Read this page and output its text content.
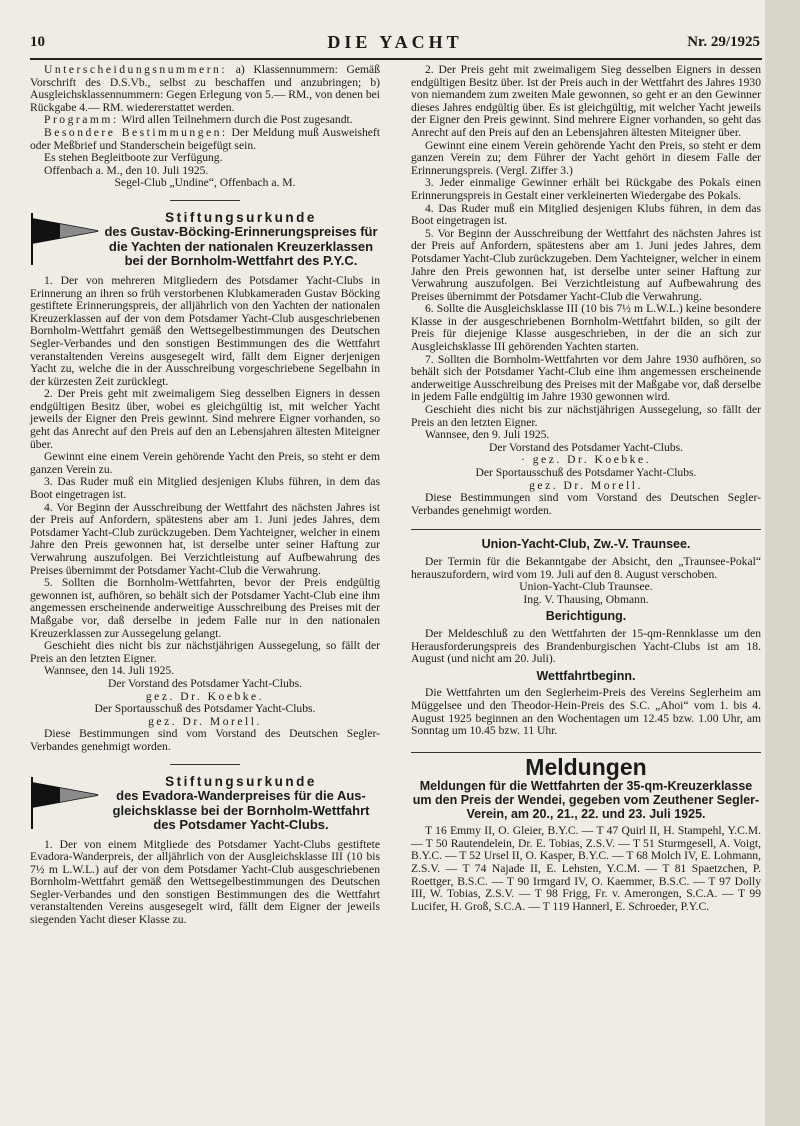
10	DIE YACHT	Nr. 29/1925

Unterscheidungsnummern: a) Klassennummern: Gemäß Vorschrift des D.S.Vb., selbst zu beschaffen und anzubringen; b) Ausgleichsklassennummern: Gegen Erlegung von 5.— RM., von denen bei Rückgabe 4.— RM. wiedererstattet werden.

Programm: Wird allen Teilnehmern durch die Post zugesandt.

Besondere Bestimmungen: Der Meldung muß Ausweisheft oder Meßbrief und Standerschein beigefügt sein.

Es stehen Begleitboote zur Verfügung.

Offenbach a. M., den 10. Juli 1925.

Segel-Club „Undine“, Offenbach a. M.

Stiftungsurkunde
des Gustav-Böcking-Erinnerungspreises für
die Yachten der nationalen Kreuzerklassen
bei der Bornholm-Wettfahrt des P.Y.C.

1. Der von mehreren Mitgliedern des Potsdamer Yacht-Clubs in Erinnerung an ihren so früh verstorbenen Klubkameraden Gustav Böcking gestiftete Erinnerungspreis, der alljährlich von den Yachten der nationalen Kreuzerklassen auf der von dem Potsdamer Yacht-Club ausgeschriebenen Bornholm-Wettfahrt gemäß den Wettsegelbestimmungen des Deutschen Segler-Verbandes und den sonstigen Bestimmungen des die Wettfahrt veranstaltenden Vereins ausgesegelt wird, fällt dem Eigner derjenigen Yacht zu, welche die in der Ausschreibung vorgeschriebene Segelbahn in der kürzesten Zeit zurücklegt.

2. Der Preis geht mit zweimaligem Sieg desselben Eigners in dessen endgültigen Besitz über, wobei es gleichgültig ist, mit welcher Yacht jeweils der Eigner den Preis gewinnt. Sind mehrere Eigner vorhanden, so geht das Anrecht auf den Preis auf den an Lebensjahren ältesten Miteigner über.

Gewinnt eine einem Verein gehörende Yacht den Preis, so steht er dem ganzen Verein zu.

3. Das Ruder muß ein Mitglied desjenigen Klubs führen, in dem das Boot eingetragen ist.

4. Vor Beginn der Ausschreibung der Wettfahrt des nächsten Jahres ist der Preis auf Anfordern, spätestens aber am 1. Juni jedes Jahres, dem Potsdamer Yacht-Club zurückzugeben. Dem Yachteigner, welcher in einem Jahre den Preis gewonnen hat, ist derselbe unter seiner Haftung zur Verwahrung auszufolgen. Bei Verzichtleistung auf Aufbewahrung des Preises übernimmt der Potsdamer Yacht-Club die Verwahrung.

5. Sollten die Bornholm-Wettfahrten, bevor der Preis endgültig gewonnen ist, aufhören, so behält sich der Potsdamer Yacht-Club eine ihm angemessen erscheinende anderweitige Ausschreibung des Preises mit der Maßgabe vor, daß derselbe in jedem Falle nur in den nationalen Kreuzerklassen zur Aussegelung gelangt.

Geschieht dies nicht bis zur nächstjährigen Aussegelung, so fällt der Preis an den letzten Eigner.

Wannsee, den 14. Juli 1925.

Der Vorstand des Potsdamer Yacht-Clubs.

gez. Dr. Koebke.

Der Sportausschuß des Potsdamer Yacht-Clubs.

gez. Dr. Morell.

Diese Bestimmungen sind vom Vorstand des Deutschen Segler-Verbandes genehmigt worden.

Stiftungsurkunde
des Evadora-Wanderpreises für die Aus-
gleichsklasse bei der Bornholm-Wettfahrt
des Potsdamer Yacht-Clubs.

1. Der von einem Mitgliede des Potsdamer Yacht-Clubs gestiftete Evadora-Wanderpreis, der alljährlich von der Ausgleichsklasse III (10 bis 7½ m L.W.L.) auf der von dem Potsdamer Yacht-Club ausgeschriebenen Bornholm-Wettfahrt gemäß den Wettsegelbestimmungen des Deutschen Segler-Verbandes und den sonstigen Bestimmungen des die Wettfahrt veranstaltenden Vereins ausgesegelt wird, fällt dem Eigner der jeweils siegenden Yacht dieser Klasse zu.

2. Der Preis geht mit zweimaligem Sieg desselben Eigners in dessen endgültigen Besitz über. Ist der Preis auch in der Wettfahrt des Jahres 1930 von niemandem zum zweiten Male gewonnen, so geht er an den Gewinner dieses Jahres endgültig über. Es ist gleichgültig, mit welcher Yacht jeweils der Eigner den Preis gewinnt. Sind mehrere Eigner vorhanden, so geht das Anrecht auf den Preis auf den an Lebensjahren ältesten Miteigner über.

Gewinnt eine einem Verein gehörende Yacht den Preis, so steht er dem ganzen Verein zu; dem Führer der Yacht gehört in diesem Falle der Erinnerungspreis. (Vergl. Ziffer 3.)

3. Jeder einmalige Gewinner erhält bei Rückgabe des Pokals einen Erinnerungspreis in Gestalt einer verkleinerten Wiedergabe des Pokals.

4. Das Ruder muß ein Mitglied desjenigen Klubs führen, in dem das Boot eingetragen ist.

5. Vor Beginn der Ausschreibung der Wettfahrt des nächsten Jahres ist der Preis auf Anfordern, spätestens aber am 1. Juni jedes Jahres, dem Potsdamer Yacht-Club zurückzugeben. Dem Yachteigner, welcher in einem Jahre den Preis gewonnen hat, ist derselbe unter seiner Haftung zur Verwahrung auszufolgen. Bei Verzichtleistung auf Aufbewahrung des Preises übernimmt der Potsdamer Yacht-Club die Verwahrung.

6. Sollte die Ausgleichsklasse III (10 bis 7½ m L.W.L.) keine besondere Klasse in der ausgeschriebenen Bornholm-Wettfahrt bilden, so gilt der Preis für diejenige Klasse ausgeschrieben, in der die an sich zur Ausgleichsklasse III gehörenden Yachten starten.

7. Sollten die Bornholm-Wettfahrten vor dem Jahre 1930 aufhören, so behält sich der Potsdamer Yacht-Club eine ihm angemessen erscheinende anderweitige Ausschreibung des Preises mit der Maßgabe vor, daß derselbe in jedem Falle endgültig im Jahre 1930 gewonnen wird.

Geschieht dies nicht bis zur nächstjährigen Aussegelung, so fällt der Preis an den letzten Eigner.

Wannsee, den 9. Juli 1925.

Der Vorstand des Potsdamer Yacht-Clubs.

· gez. Dr. Koebke.

Der Sportausschuß des Potsdamer Yacht-Clubs.

gez. Dr. Morell.

Diese Bestimmungen sind vom Vorstand des Deutschen Segler-Verbandes genehmigt worden.

Union-Yacht-Club, Zw.-V. Traunsee.

Der Termin für die Bekanntgabe der Absicht, den „Traunsee-Pokal“ herauszufordern, wird vom 19. Juli auf den 8. August verschoben.

Union-Yacht-Club Traunsee.

Ing. V. Thausing, Obmann.

Berichtigung.

Der Meldeschluß zu den Wettfahrten der 15-qm-Rennklasse um den Herausforderungspreis des Brandenburgischen Yacht-Clubs ist am 18. August (und nicht am 20. Juli).

Wettfahrtbeginn.

Die Wettfahrten um den Seglerheim-Preis des Vereins Seglerheim am Müggelsee und den Theodor-Hein-Preis des S.C. „Ahoi“ vom 1. bis 4. August 1925 beginnen an den Wochentagen um 12.45 bzw. 1.00 Uhr, am Sonntag um 10.45 bzw. 11 Uhr.

Meldungen
Meldungen für die Wettfahrten der 35-qm-Kreuzerklasse um den Preis der Wendei, gegeben vom Zeuthener Segler-Verein, am 20., 21., 22. und 23. Juli 1925.

T 16 Emmy II, O. Gleier, B.Y.C. — T 47 Quirl II, H. Stampehl, Y.C.M. — T 50 Rautendelein, Dr. E. Tobias, Z.S.V. — T 51 Sturmgesell, A. Voigt, B.Y.C. — T 52 Ursel II, O. Kasper, B.Y.C. — T 68 Molch IV, E. Lohmann, Z.S.V. — T 74 Najade II, E. Lehsten, Y.C.M. — T 81 Spaetzchen, P. Roettger, B.S.C. — T 90 Irmgard IV, O. Kaemmer, B.S.C. — T 97 Dolly III, W. Tobias, Z.S.V. — T 98 Frigg, Fr. v. Amerongen, S.C.A. — T 99 Lucifer, H. Groß, S.C.A. — T 119 Hannerl, E. Schroeder, P.Y.C.
